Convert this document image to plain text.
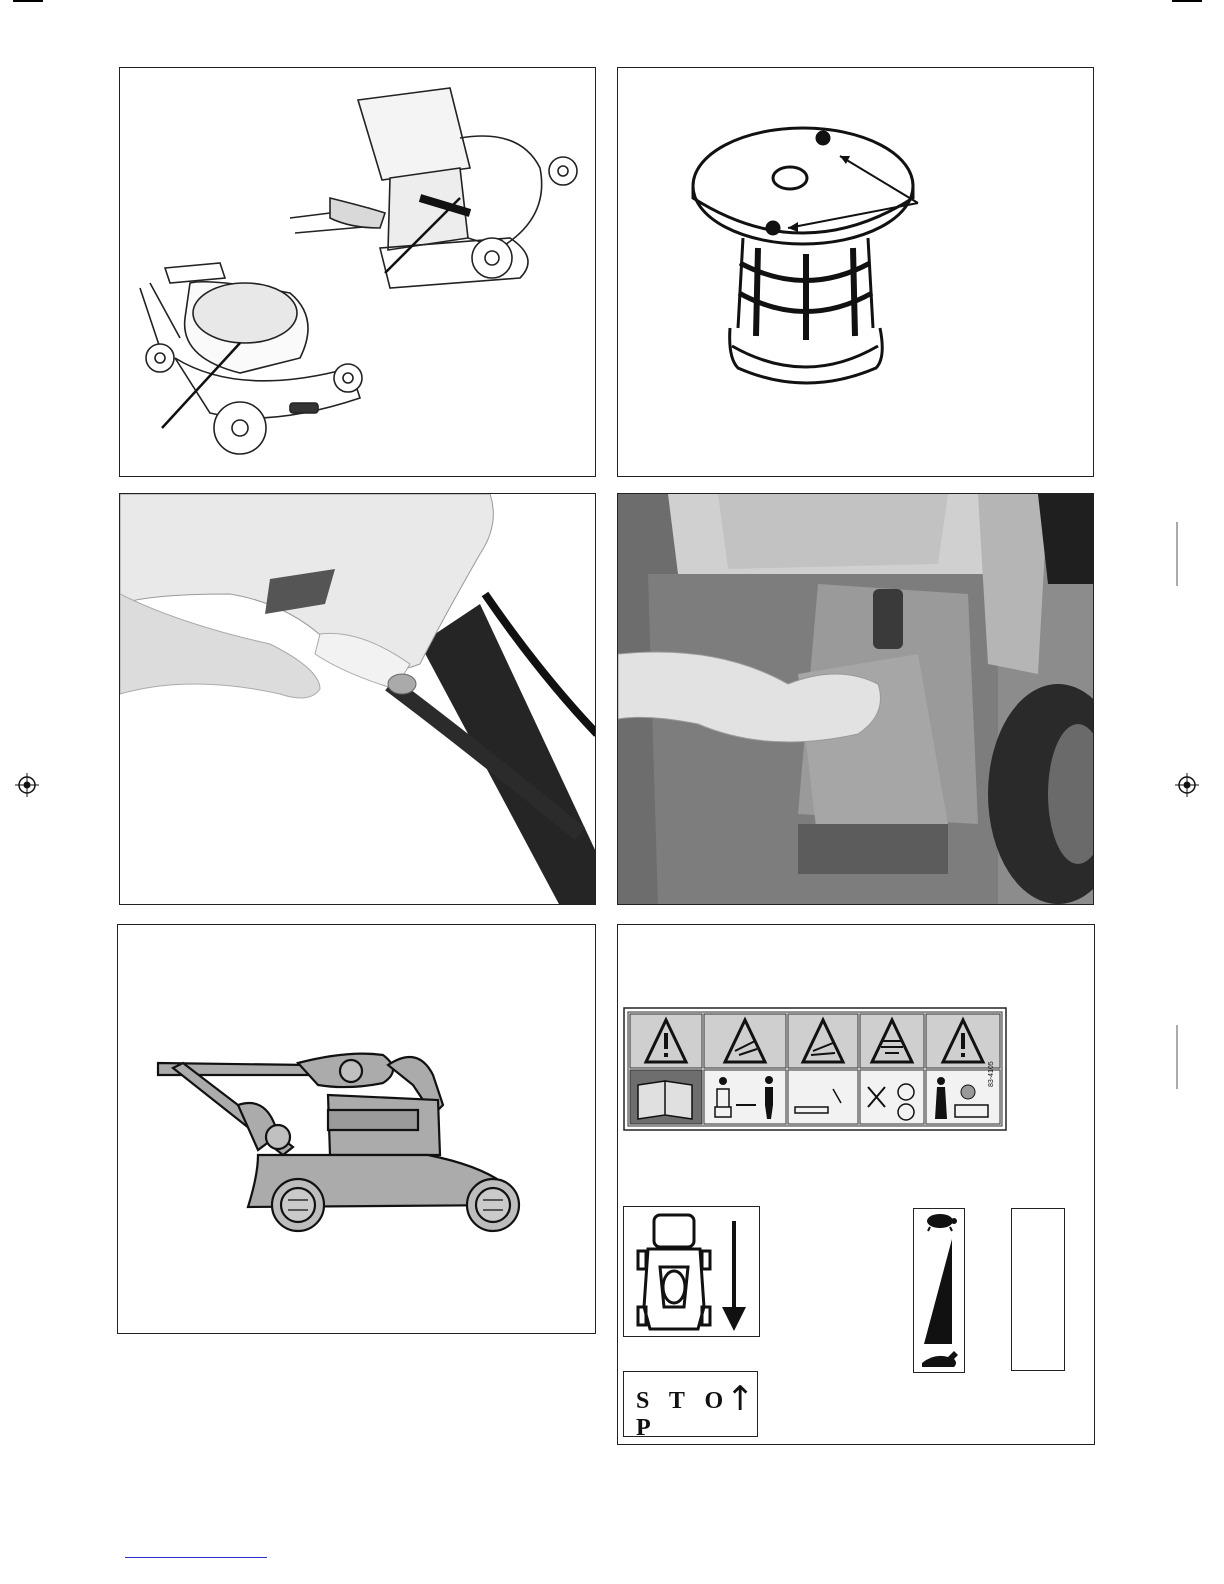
83-4105
S T O P
↑
